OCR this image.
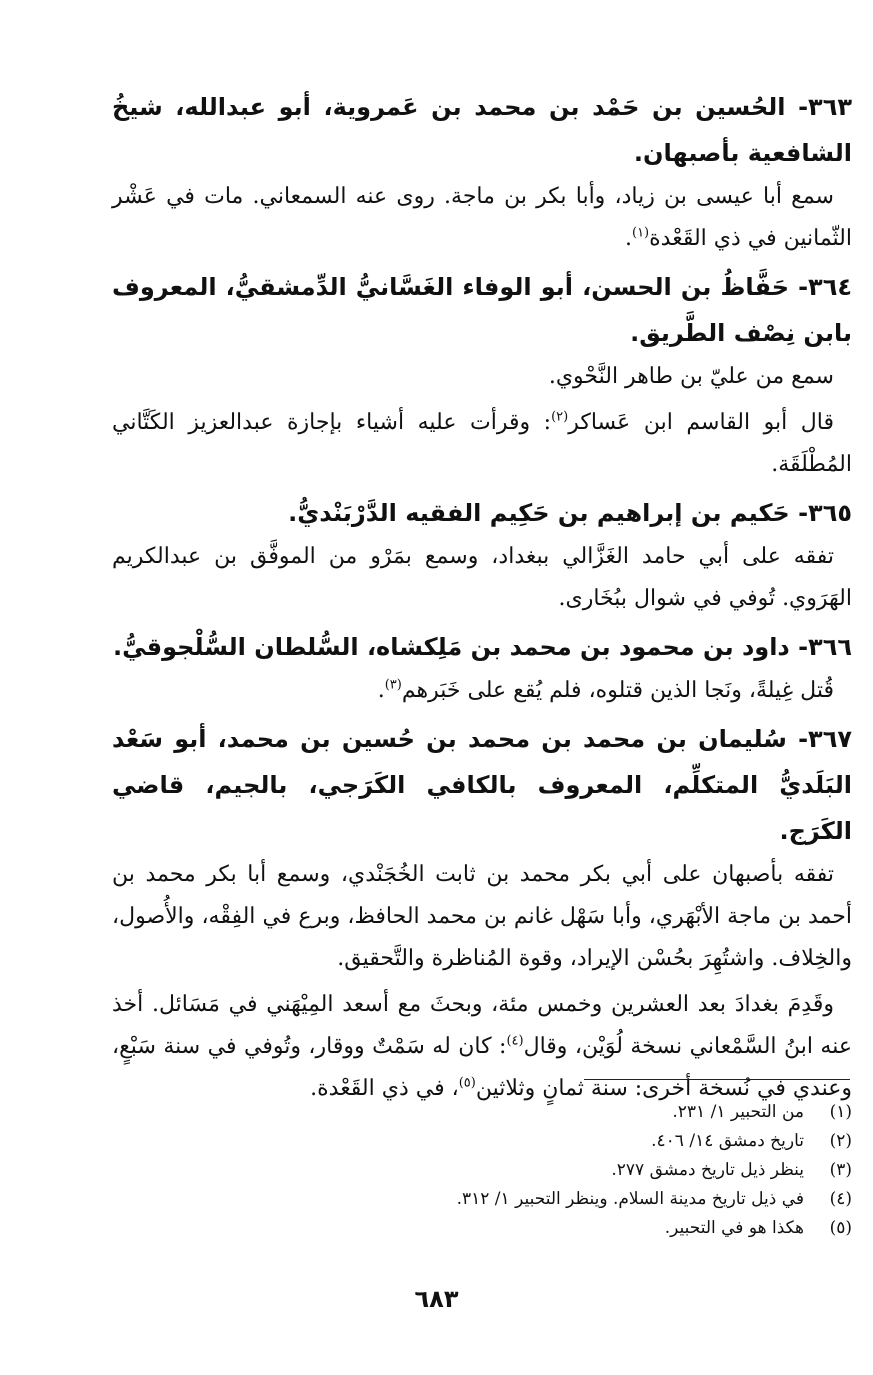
٣٦٣- الحُسين بن حَمْد بن محمد بن عَمروية، أبو عبدالله، شيخُ الشافعية بأصبهان.

سمع أبا عيسى بن زياد، وأبا بكر بن ماجة. روى عنه السمعاني. مات في عَشْر الثّمانين في ذي القَعْدة$^{(١)}$.

٣٦٤- حَفَّاظُ بن الحسن، أبو الوفاء الغَسَّانيُّ الدِّمشقيُّ، المعروف بابن نِصْف الطَّريق.

سمع من عليّ بن طاهر النَّحْوي.

قال أبو القاسم ابن عَساكر$^{(٢)}$: وقرأت عليه أشياء بإجازة عبدالعزيز الكَتَّاني المُطْلَقَة.

٣٦٥- حَكيم بن إبراهيم بن حَكِيم الفقيه الدَّرْبَنْديُّ.

تفقه على أبي حامد الغَزَّالي ببغداد، وسمع بمَرْو من الموفَّق بن عبدالكريم الهَرَوي. تُوفي في شوال ببُخَارى.

٣٦٦- داود بن محمود بن محمد بن مَلِكشاه، السُّلطان السُّلْجوقيُّ.

قُتل غِيلةً، ونَجا الذين قتلوه، فلم يُقع على خَبَرهم$^{(٣)}$.

٣٦٧- سُليمان بن محمد بن محمد بن حُسين بن محمد، أبو سَعْد البَلَديُّ المتكلِّم، المعروف بالكافي الكَرَجي، بالجيم، قاضي الكَرَج.

تفقه بأصبهان على أبي بكر محمد بن ثابت الخُجَنْدي، وسمع أبا بكر محمد بن أحمد بن ماجة الأبْهَري، وأبا سَهْل غانم بن محمد الحافظ، وبرع في الفِقْه، والأُصول، والخِلاف. واشتُهِرَ بحُسْن الإيراد، وقوة المُناظرة والتَّحقيق.

وقَدِمَ بغدادَ بعد العشرين وخمس مئة، وبحثَ مع أسعد المِيْهَني في مَسَائل. أخذ عنه ابنُ السَّمْعاني نسخة لُوَيْن، وقال$^{(٤)}$: كان له سَمْتٌ ووقار، وتُوفي في سنة سَبْعٍ، وعندي في نُسخة أخرى: سنة ثمانٍ وثلاثين$^{(٥)}$، في ذي القَعْدة.

(١)
من التحبير ١/ ٢٣١.

(٢)
تاريخ دمشق ١٤/ ٤٠٦.

(٣)
ينظر ذيل تاريخ دمشق ٢٧٧.

(٤)
في ذيل تاريخ مدينة السلام. وينظر التحبير ١/ ٣١٢.

(٥)
هكذا هو في التحبير.

٦٨٣
